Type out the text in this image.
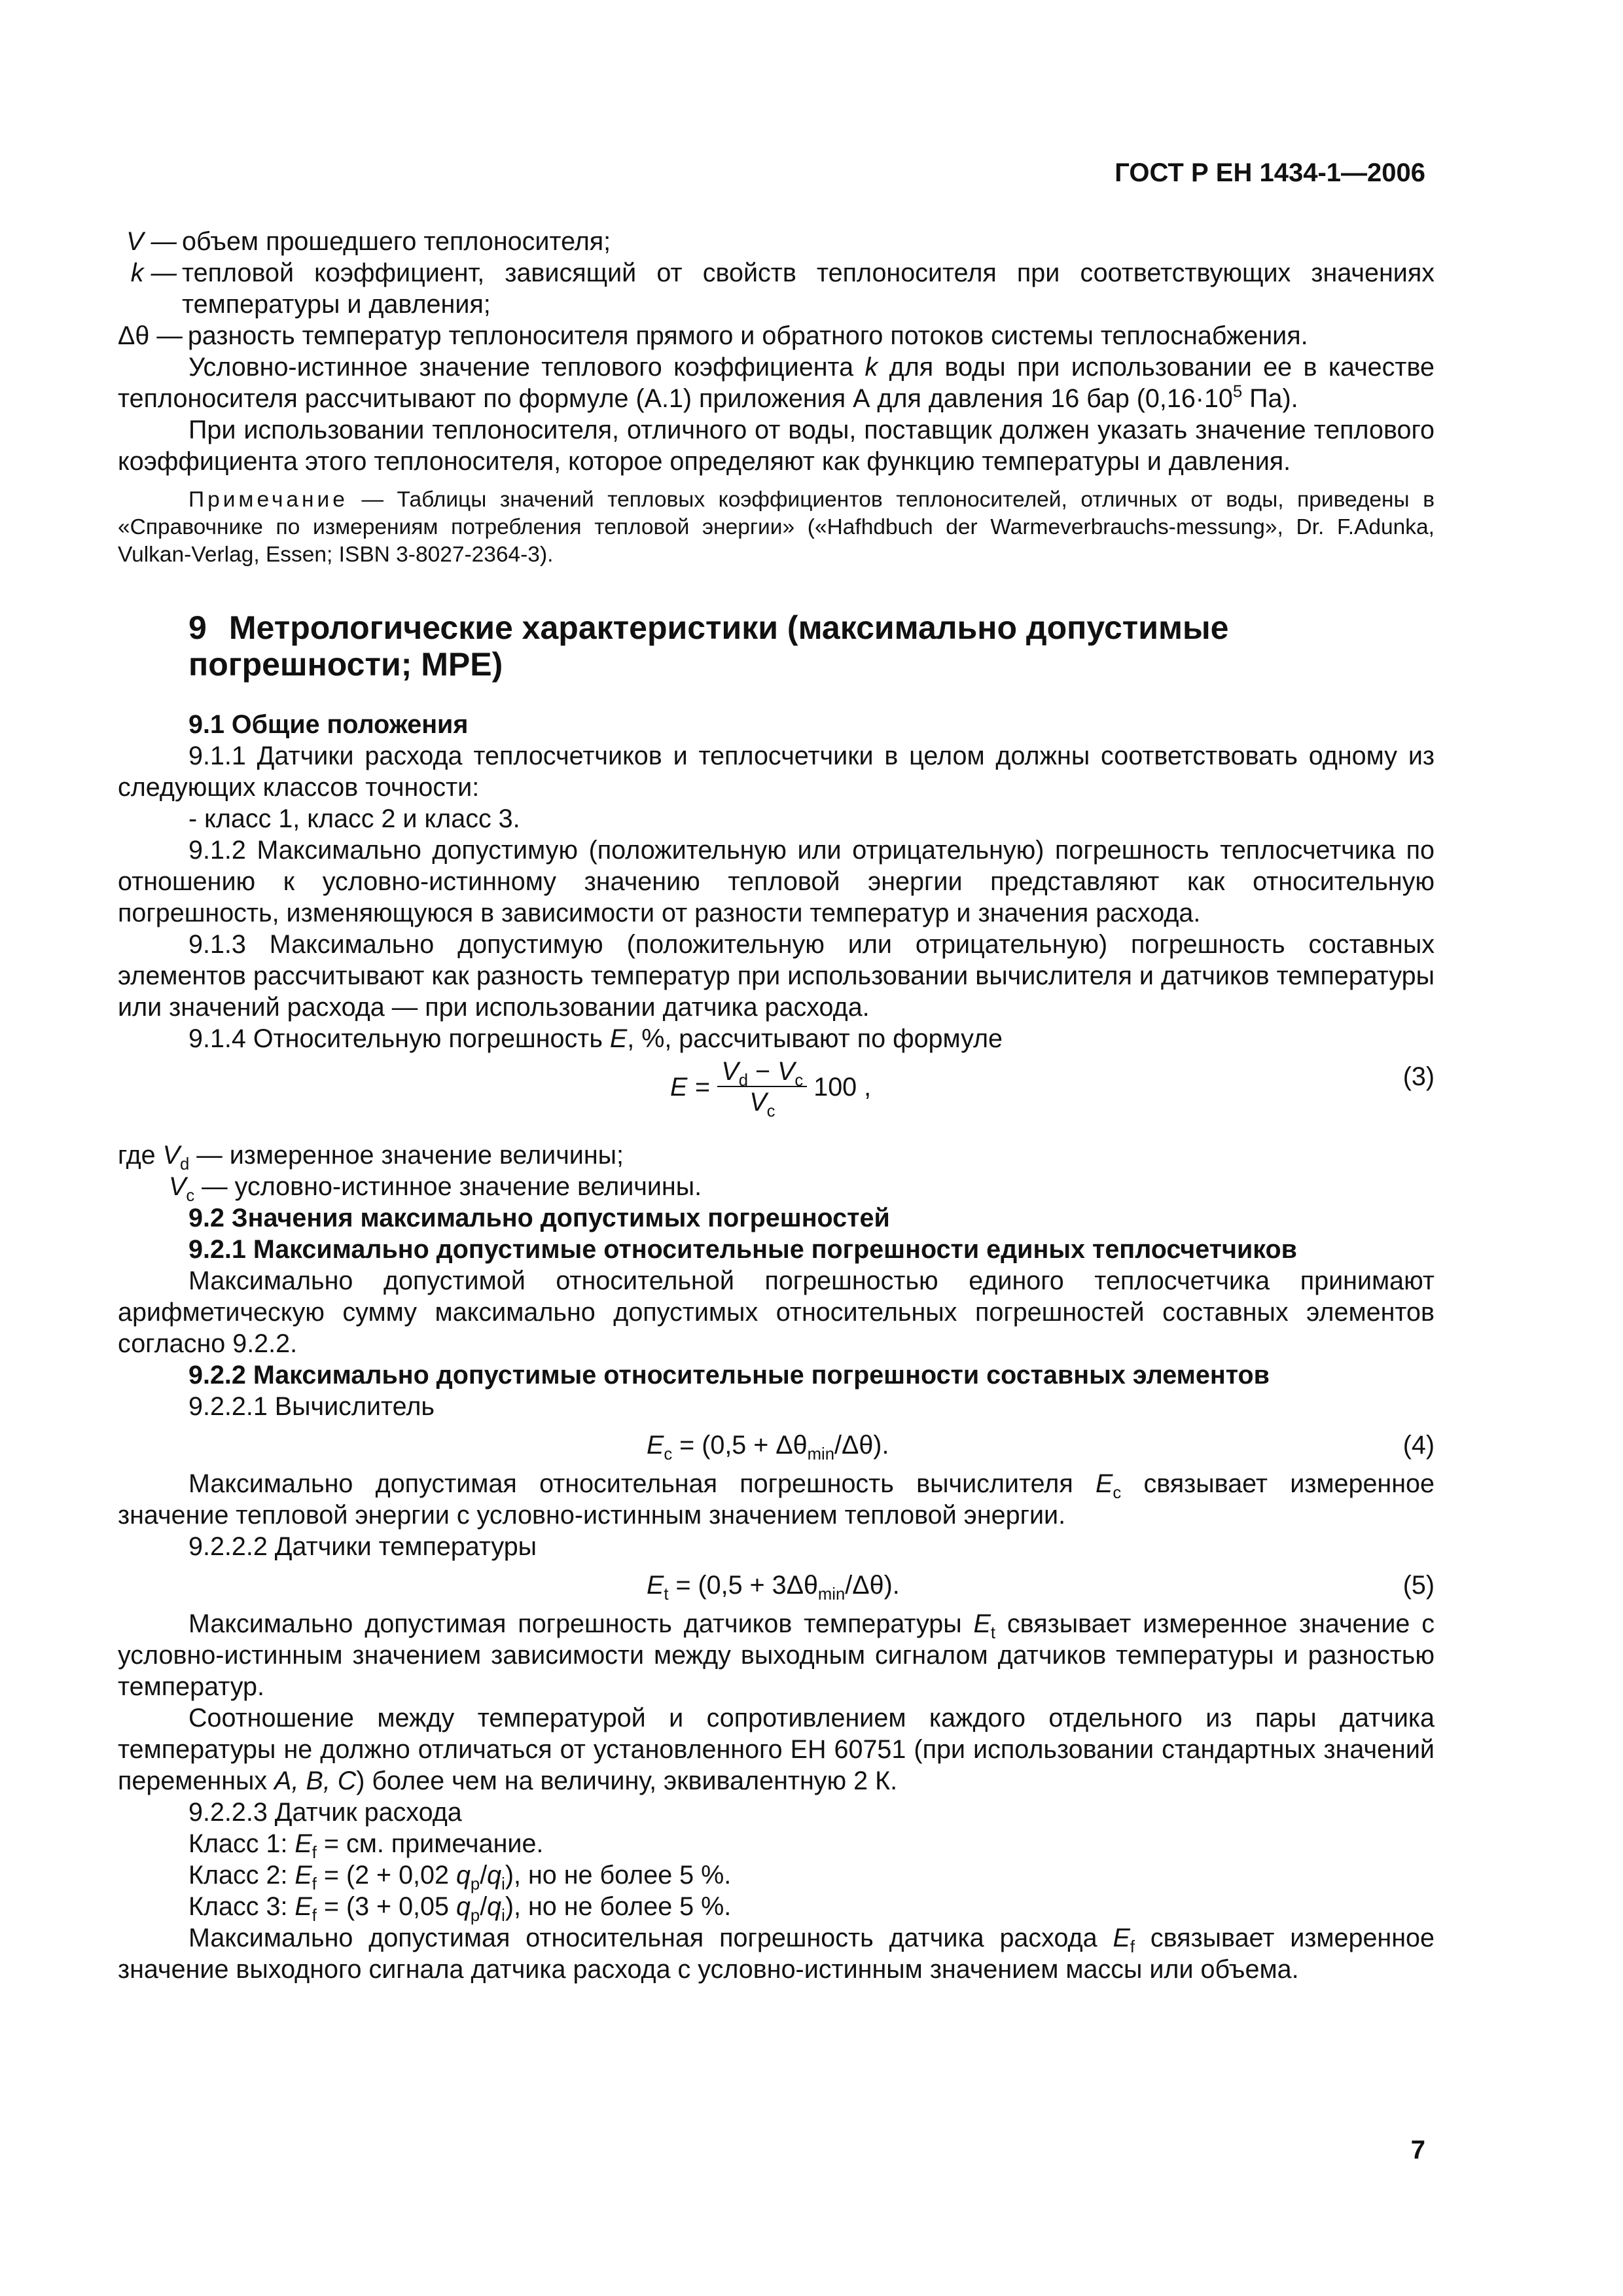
ГОСТ Р ЕН 1434-1—2006
V — объем прошедшего теплоносителя;
k — тепловой коэффициент, зависящий от свойств теплоносителя при соответствующих значениях температуры и давления;
Δθ — разность температур теплоносителя прямого и обратного потоков системы теплоснабжения.

Условно-истинное значение теплового коэффициента k для воды при использовании ее в качестве теплоносителя рассчитывают по формуле (А.1) приложения А для давления 16 бар ($0,16\cdot 10^5$ Па).

При использовании теплоносителя, отличного от воды, поставщик должен указать значение теплового коэффициента этого теплоносителя, которое определяют как функцию температуры и давления.

Примечание — Таблицы значений тепловых коэффициентов теплоносителей, отличных от воды, приведены в «Справочнике по измерениям потребления тепловой энергии» («Hafhdbuch der Warmeverbrauchs-messung», Dr. F.Adunka, Vulkan-Verlag, Essen; ISBN 3-8027-2364-3).

9 Метрологические характеристики (максимально допустимые погрешности; МРЕ)

9.1 Общие положения

9.1.1 Датчики расхода теплосчетчиков и теплосчетчики в целом должны соответствовать одному из следующих классов точности:

- класс 1, класс 2 и класс 3.

9.1.2 Максимально допустимую (положительную или отрицательную) погрешность теплосчетчика по отношению к условно-истинному значению тепловой энергии представляют как относительную погрешность, изменяющуюся в зависимости от разности температур и значения расхода.

9.1.3 Максимально допустимую (положительную или отрицательную) погрешность составных элементов рассчитывают как разность температур при использовании вычислителя и датчиков температуры или значений расхода — при использовании датчика расхода.

9.1.4 Относительную погрешность E, %, рассчитывают по формуле

$E = \frac{V_d - V_c}{V_c} 100$ ,	(3)

где $V_d$ — измеренное значение величины;

$V_c$ — условно-истинное значение величины.

9.2 Значения максимально допустимых погрешностей

9.2.1 Максимально допустимые относительные погрешности единых теплосчетчиков

Максимально допустимой относительной погрешностью единого теплосчетчика принимают арифметическую сумму максимально допустимых относительных погрешностей составных элементов согласно 9.2.2.

9.2.2 Максимально допустимые относительные погрешности составных элементов

9.2.2.1 Вычислитель

$E_c = (0,5 + \Delta\theta_{min}/\Delta\theta)$.	(4)

Максимально допустимая относительная погрешность вычислителя $E_c$ связывает измеренное значение тепловой энергии с условно-истинным значением тепловой энергии.

9.2.2.2 Датчики температуры

$E_t = (0,5 + 3\Delta\theta_{min}/\Delta\theta)$.	(5)

Максимально допустимая погрешность датчиков температуры $E_t$ связывает измеренное значение с условно-истинным значением зависимости между выходным сигналом датчиков температуры и разностью температур.

Соотношение между температурой и сопротивлением каждого отдельного из пары датчика температуры не должно отличаться от установленного ЕН 60751 (при использовании стандартных значений переменных А, В, С) более чем на величину, эквивалентную 2 К.

9.2.2.3 Датчик расхода

Класс 1: $E_f$ = см. примечание.

Класс 2: $E_f = (2 + 0,02$ $q_p/q_i$), но не более 5 %.

Класс 3: $E_f = (3 + 0,05$ $q_p/q_i$), но не более 5 %.

Максимально допустимая относительная погрешность датчика расхода $E_f$ связывает измеренное значение выходного сигнала датчика расхода с условно-истинным значением массы или объема.

7
